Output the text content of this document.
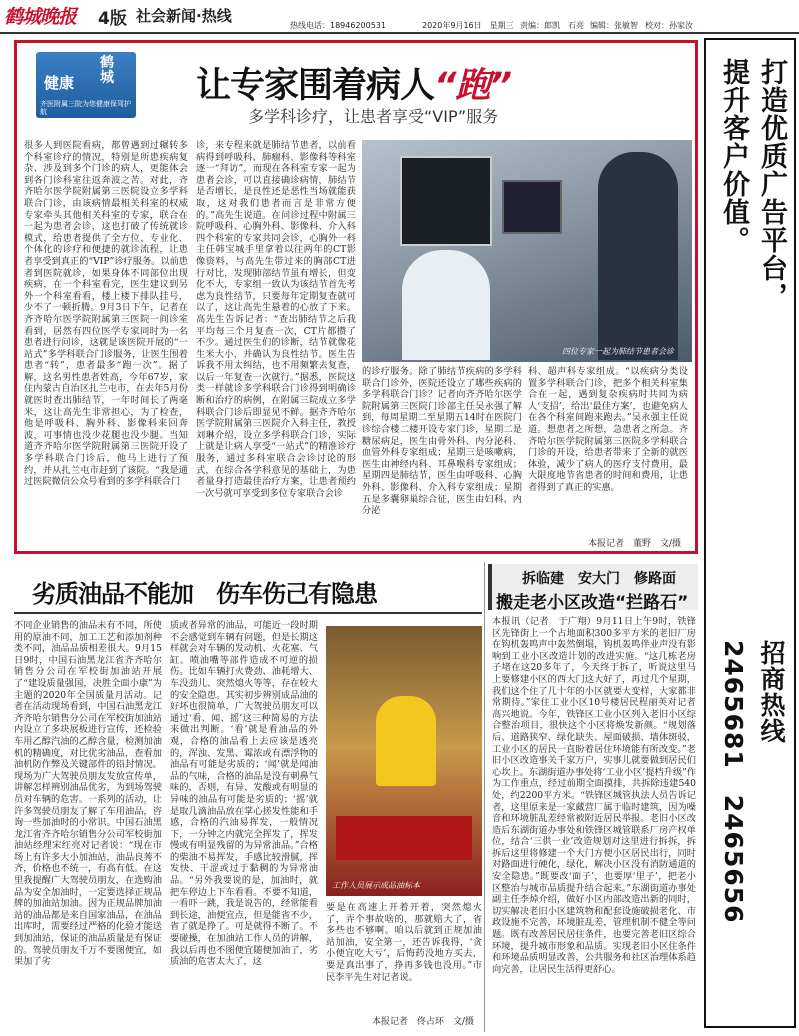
鹤城晚报 4版 社会新闻·热线
热线电话：18946200531	2020年9月16日　星期三 责编：郎凯　石亮 编辑：张敏智 校对：孙家汝
健康
鹤城
齐医附属三院为您健康保驾护航
让专家围着病人“跑”
多学科诊疗，让患者享受“VIP”服务
很多人到医院看病，都曾遇到过辗转多个科室诊疗的情况，特别是所患疾病复杂、涉及到多个门诊的病人，更能体会到各门诊科室往返奔波之苦。对此，齐齐哈尔医学院附属第三医院设立多学科联合门诊，由该病情最相关科室的权威专家牵头其他相关科室的专家，联合在一起为患者会诊，这也打破了传统就诊模式，给患者提供了全方位、专业化、个体化的诊疗和便捷的就诊流程，让患者享受到真正的“VIP”诊疗服务。以前患者到医院就诊，如果身体不同部位出现疾病，在一个科室看完，医生建议到另外一个科室看看，楼上楼下排队挂号，少不了一顿折腾。9月3日下午，记者在齐齐哈尔医学院附属第三医院一间诊室看到，居然有四位医学专家同时为一名患者进行问诊，这就是该医院开展的“一站式”多学科联合门诊服务，让医生围着患者“转”，患者最多“跑一次”。据了解，这名男性患者姓高，今年67岁，家住内蒙古自治区扎兰屯市，在去年5月份就医时查出肺结节，一年时间长了两毫米，这让高先生非常担心，为了检查，他是呼吸科、胸外科、影像科来回奔波，可事情也没少花腿也没少腿。当知道齐齐哈尔医学院附属第三医院开设了多学科联合门诊后，他马上进行了预约，并从扎兰屯市赶到了该院。“我是通过医院微信公众号看到的多学科联合门
诊，来专程来就是肺结节患者，以前看病得到呼吸科、肺瘤科、影像科等科室逐一“拜访”，而现在各科室专家一起为患者会诊，可以直接确诊病情，肺结节是否增长，是良性还是恶性当场就能获取，这对我们患者而言是非常方便的。”高先生说道。在问诊过程中附属三院呼吸科、心胸外科、影像科、介入科四个科室的专家共同会诊，心胸外一科主任韩宝城手里拿着以往两年的CT影像资料，与高先生带过来的胸部CT进行对比，发现肺部结节虽有增长，但变化不大，专家组一致认为该结节首先考虑为良性结节，只要每年定期复查就可以了，这让高先生悬着的心放了下来。高先生告诉记者：“查出肺结节之后我平均每三个月复查一次，CT片都攒了不少。通过医生们的诊断，结节就像花生米大小，并确认为良性结节。医生告诉我不用太纠结，也不用频繁去复查，以后一年复查一次就行。”据悉，医院这类一样就诊多学科联合门诊得到明确诊断和治疗的病例，在附属三院成立多学科联合门诊后即显见不鲜。据齐齐哈尔医学院附属第三医院介入科主任，教授刘琳介绍，设立多学科联合门诊，实际上就是让病人享受“一站式”的精准诊疗服务，通过多科室联合会诊讨论的形式，在综合各学科意见的基础上，为患者量身打造最佳治疗方案，让患者预约一次号就可享受到多位专家联合会诊
四位专家一起为肺结节患者会诊
的诊疗服务。除了肺结节疾病的多学科联合门诊外，医院还设立了哪些疾病的多学科联合门诊？记者向齐齐哈尔医学院附属第三医院门诊部主任吴永强了解到，每周星期二至星期五14时在医院门诊综合楼二楼开设专家门诊，星期二是糖尿病足，医生由骨外科、内分泌科、血管外科专家组成；星期三是咳嗽病，医生由神经内科、耳鼻喉科专家组成；星期四是肺结节，医生由呼吸科、心胸外科、影像科、介入科专家组成；星期五是多囊卵巢综合征，医生由妇科、内分泌
科、超声科专家组成。“以疾病分类设置多学科联合门诊，把多个相关科室集合在一起，遇到复杂疾病时共同为病人‘支招’，给出‘最佳方案’，也避免病人在各个科室间跑来跑去。”吴永强主任说道。想患者之所想，急患者之所急。齐齐哈尔医学院附属第三医院多学科联合门诊的开设，给患者带来了全新的就医体验，减少了病人的医疗支付费用，最大限度地节省患者的时间和费用，让患者得到了真正的实惠。
本报记者　董野　文/摄
劣质油品不能加　伤车伤己有隐患
不同企业销售的油品未有不同，所使用的原油不同，加工工艺和添加剂种类不同，油品品质相差很大。9月15日9时，中国石油黑龙江省齐齐哈尔销售分公司在军校街加油站开展了“建设质量强国，决胜全面小康”为主题的2020年全国质量月活动。记者在活动现场看到，中国石油黑龙江齐齐哈尔销售分公司在军校街加油站内设立了多块展板进行宣传，还检验车用乙醇汽油的乙醇含量，检测加油机的精确度，对比优劣油品，查看加油机防作弊及关键部件的铅封情况。现场为广大驾驶员朋友发放宣传单，讲解怎样辨别油品优劣，为到场驾驶员对车辆的危害。一系列的活动，让许多驾驶员朋友了解了车用油品，咨询一些加油时的小常识。中国石油黑龙江省齐齐哈尔销售分公司军校街加油站经理宋红亮对记者说：“现在市场上有许多大小加油站，油品良莠不齐，价格也不统一，有高有低。在这里我提醒广大驾驶员朋友，在选购油品为安全加油时，一定要选择正规品牌的加油站加油。因为正规品牌加油站的油品都是来自国家油品，在油品出库时，需要经过严格的化验才能送到加油站，保证的油品质量是有保证的。驾驶员朋友千万不要图便宜，如果加了劣
质或者异常的油品，可能近一段时期不会感觉到车辆有问题，但是长期这样就会对车辆的发动机、火花塞、气缸、喷油嘴等部件造成不可逆的损伤。比如车辆打火费劲、油耗增大、车没劲儿、突然熄火等等，存在较大的安全隐患。其实初步辨别成品油的好坏也很简单，广大驾驶员朋友可以通过‘看、闻、摇’这三种简易的方法来做出判断。‘看’就是看油品的外观，合格的油品看上去应该是透亮的，浑浊、发黑、霉浓或有漂浮物的油品有可能是劣质的；‘闻’就是闻油品的气味，合格的油品是没有刺鼻气味的，否则，有异、发酸或有明显的异味的油品有可能是劣质的；‘摇’就是取几滴油品放在掌心搓发性能和手感，合格的汽油易挥发，一般情况下，一分钟之内就完全挥发了，挥发慢或有明显残留的为异常油品。”合格的柴油不易挥发，手感比较滑腻，挥发快、干涩或过于黏稠的为异常油品。“另外我要说的是，加油时，就把车停边上下车看看。不要不知道，一看吓一跳，我是说告的，经常能看到长途，油便宜点，但是能省不少，省了就是挣了。可是就得不断了。不要碰操，在加油站工作人员的讲解，我以后再也不图便宜随便加油了，劣质油的危害太大了，这
工作人员展示成品油标本
要是在高速上开着开着，突然熄火了，弄个事故啥的，那就赔大了，省多些也不够啊。咱以后就到正规加油站加油，安全第一，还告诉我得，‘贪小便宜吃大亏’，后悔药没地方买去，要是真出事了，挣再多钱也没用。”市民李平先生对记者说。
本报记者　佟占环　文/摄
拆临建　安大门　修路面
搬走老小区改造“拦路石”
本报讯（记者　于广翔）9月11日上午9时，铁锋区先锋街上一个占地面积300多平方米的老旧厂房在钩机轰鸣声中轰然倒塌，钩机轰鸣伴业声没有影响到工业小区改造计划的改进实施。“这几栋老房子堵在这20多年了，今天终于拆了，听说这里马上要修建小区的西大门这大好了，再过几个星期，我们这个住了几十年的小区就要大变样，大家都非常期待。”家住工业小区10号楼居民程丽英对记者高兴地说。今年，铁锋区工业小区列入老旧小区综合整治项目，很快这个小区将焕发新颜。“规划落后、道路狭窄、绿化缺失、屋面破损、墙体斑驳，工业小区的居民一直盼着居住环境能有所改变。”老旧小区改造事关千家万户，实事儿就要做到居民们心坎上。东湖街道办事处将‘工业小区’提档升级”作为工作重点，经过前期全面摸排，共拆除违建540处，约2200平方米。“铁锋区城管执法人员告诉记者，这里原来是一家藏营厂属于临时建筑，因为噪音和环境脏乱差经常被附近居民举报。老旧小区改造后东湖街道办事处和铁锋区城管联系厂房产权单位，结合‘三供一业’改造规划对这里进行拆拆，拆拆后这里将修建一个大门方便小区居民出行，同时对路面进行硬化，绿化，解决小区没有消防通道的安全隐患。”既要改‘面子’，也要厚‘里子’，把老小区整治与城市品质提升结合起来。”东湖街道办事处副主任李焯介绍，做好小区内部改造出新的同时，切实解决老旧小区建筑物和配套设施破损老化、市政设施不完善，环境脏乱差，管理机制不健全等问题。既有改善居民居住条件，也要完善老旧区综合环境，提升城市形象和品质。实现老旧小区住条件和环境品质明显改善，公共服务和社区治理体系趋向完善，让居民生活得更舒心。
打造优质广告平台，
提升客户价值。
招商热线
2465681　2465656
